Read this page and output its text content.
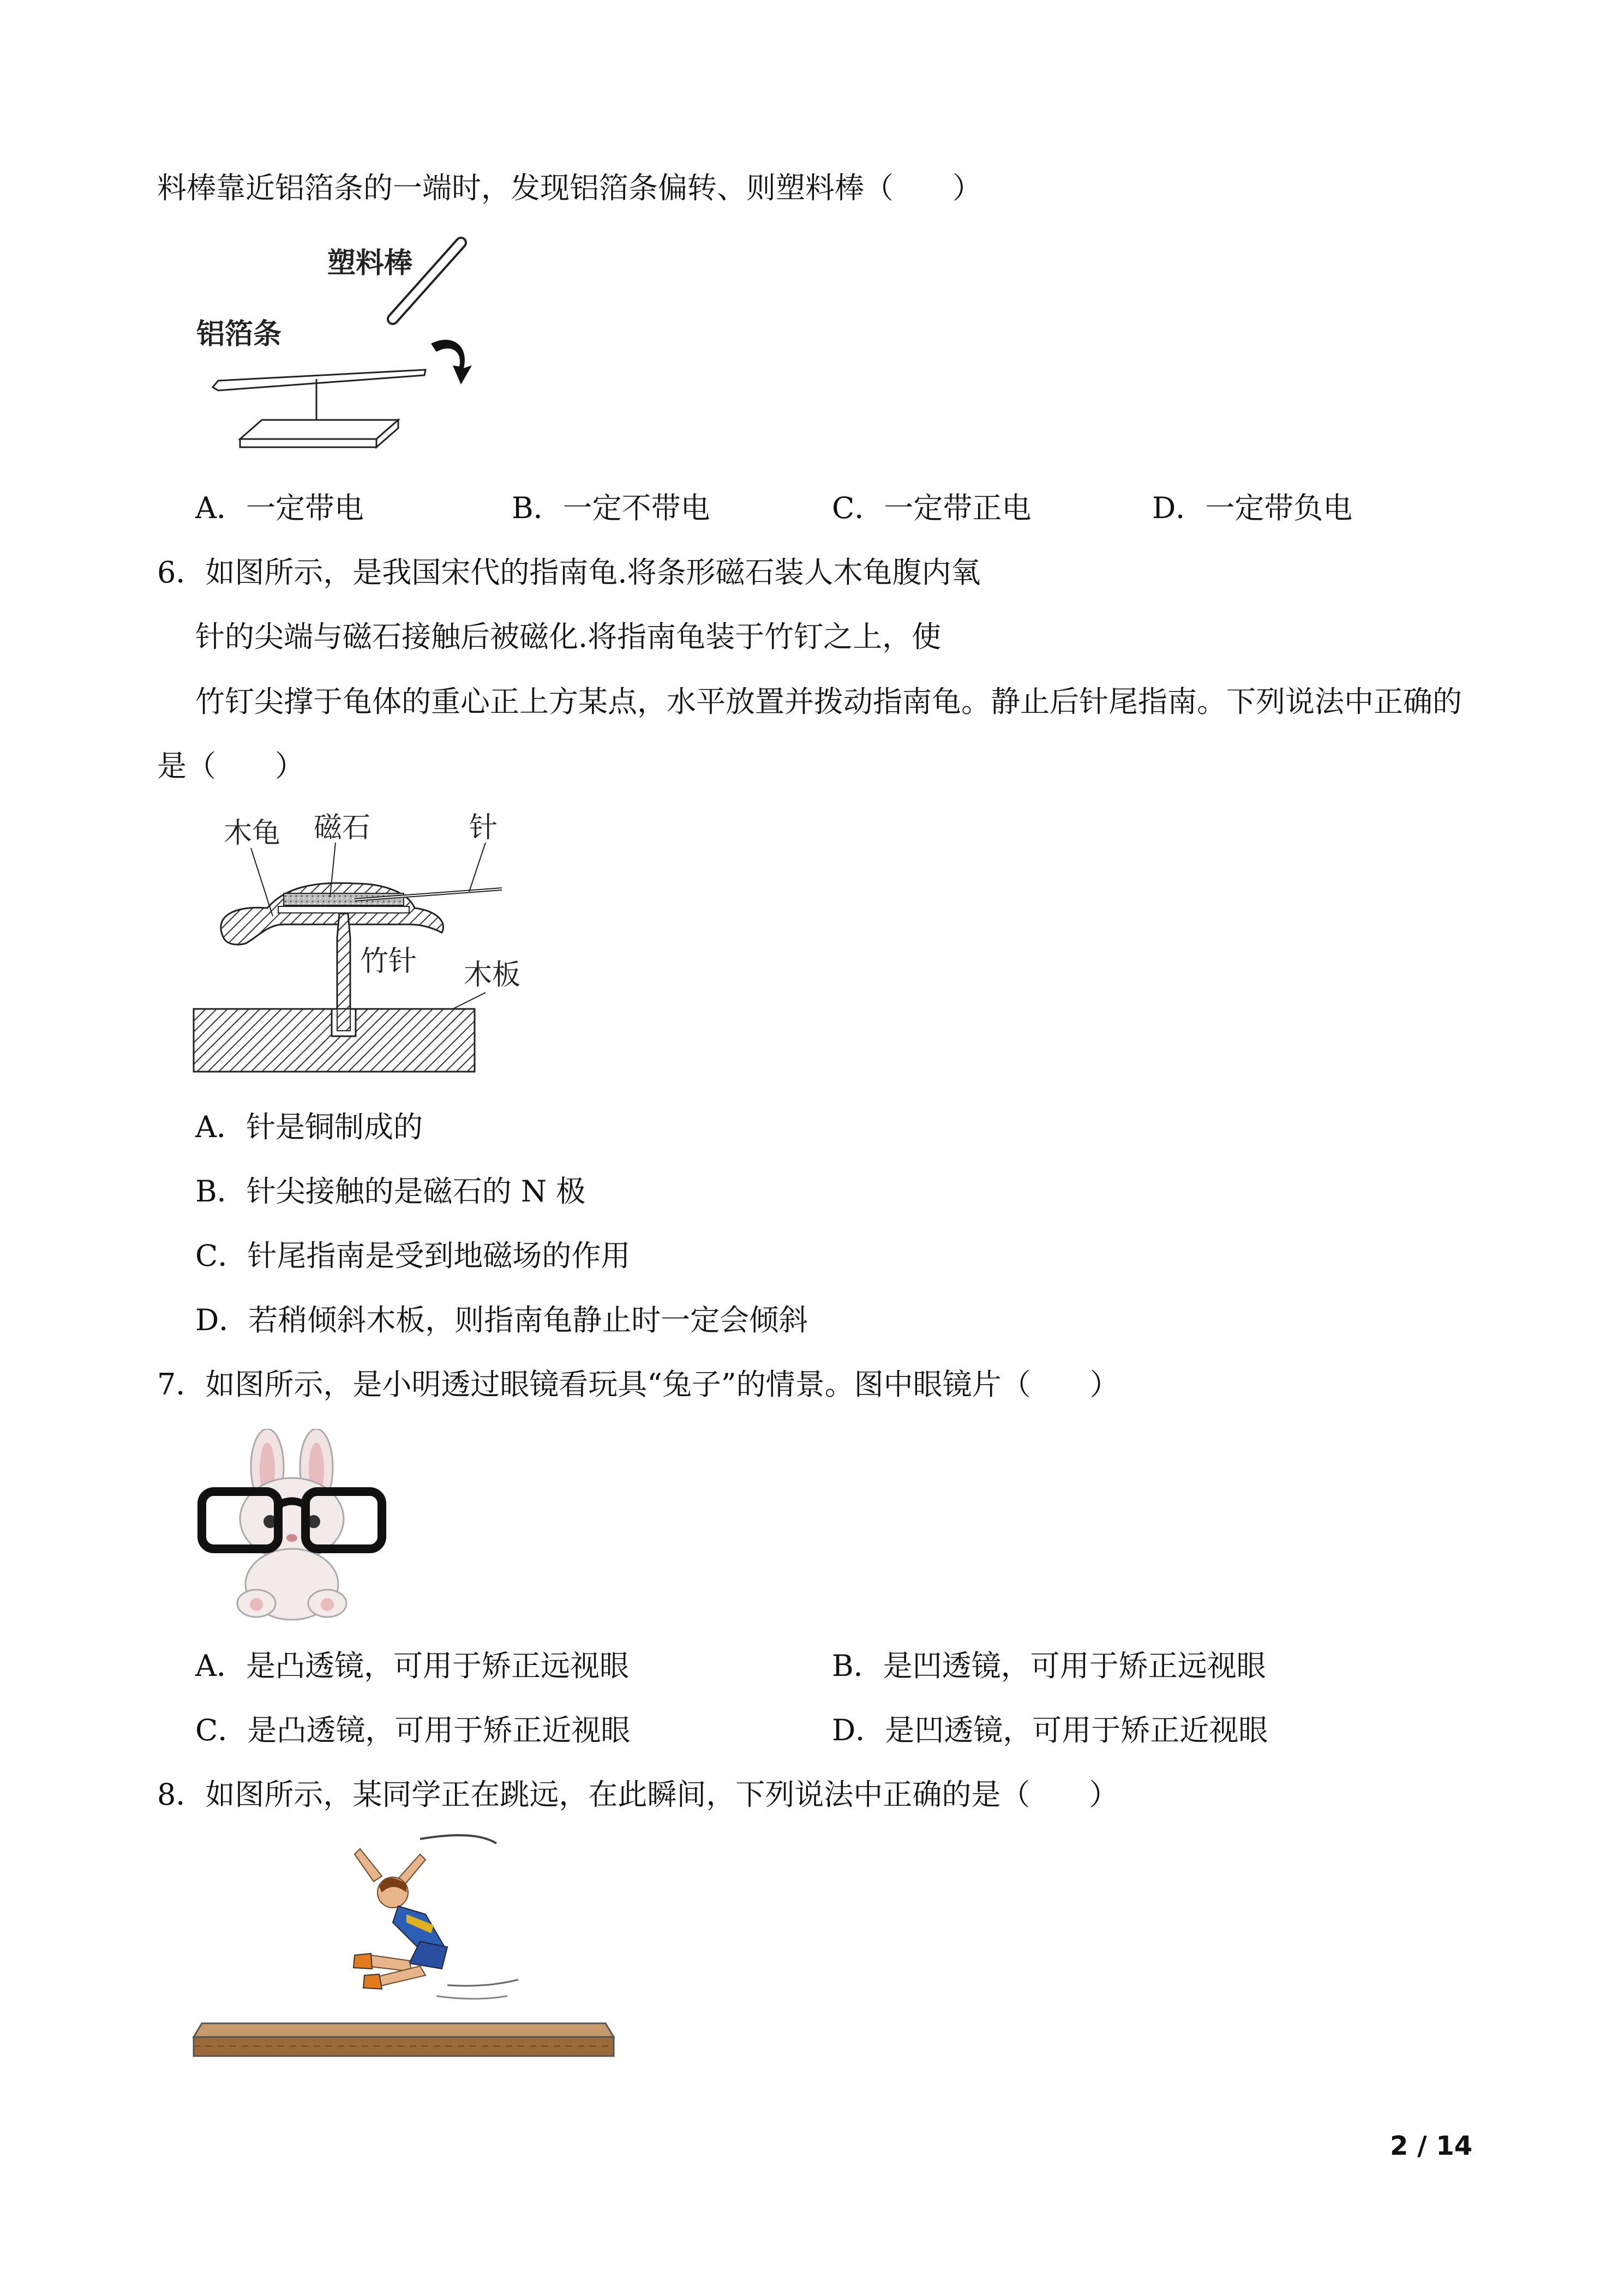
料棒靠近铝箔条的一端时，发现铝箔条偏转、则塑料棒（　　）
塑料棒
铝箔条
A．一定带电	B．一定不带电	C．一定带正电	D．一定带负电
6．如图所示，是我国宋代的指南龟.将条形磁石装人木龟腹内氧
针的尖端与磁石接触后被磁化.将指南龟装于竹钉之上，使
竹钉尖撑于龟体的重心正上方某点，水平放置并拨动指南龟。静止后针尾指南。下列说法中正确的
是（　　）
木龟 磁石	针
竹针 木板
A．针是铜制成的
B．针尖接触的是磁石的 N 极
C．针尾指南是受到地磁场的作用
D．若稍倾斜木板，则指南龟静止时一定会倾斜
7．如图所示，是小明透过眼镜看玩具“兔子”的情景。图中眼镜片（　　）
A．是凸透镜，可用于矫正远视眼	B．是凹透镜，可用于矫正远视眼
C．是凸透镜，可用于矫正近视眼	D．是凹透镜，可用于矫正近视眼
8．如图所示，某同学正在跳远，在此瞬间，下列说法中正确的是（　　）
2 / 14
